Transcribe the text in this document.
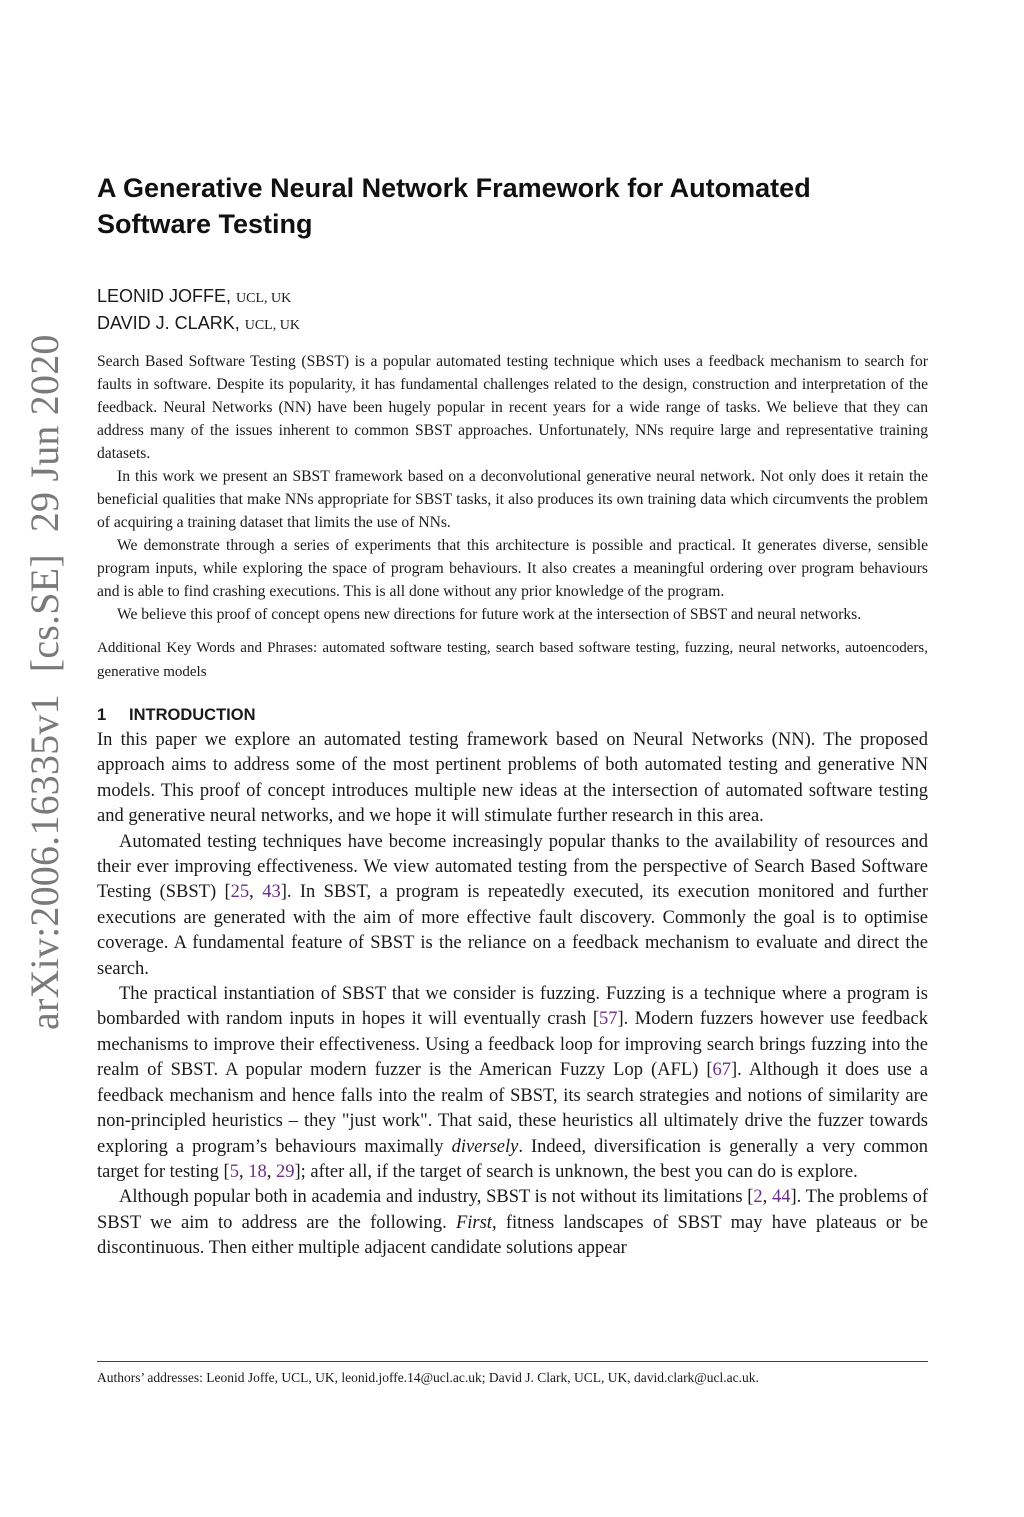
arXiv:2006.16335v1[cs.SE]29 Jun 2020
A Generative Neural Network Framework for Automated Software Testing
LEONID JOFFE, UCL, UK
DAVID J. CLARK, UCL, UK

Search Based Software Testing (SBST) is a popular automated testing technique which uses a feedback mechanism to search for faults in software. Despite its popularity, it has fundamental challenges related to the design, construction and interpretation of the feedback. Neural Networks (NN) have been hugely popular in recent years for a wide range of tasks. We believe that they can address many of the issues inherent to common SBST approaches. Unfortunately, NNs require large and representative training datasets.

In this work we present an SBST framework based on a deconvolutional generative neural network. Not only does it retain the beneficial qualities that make NNs appropriate for SBST tasks, it also produces its own training data which circumvents the problem of acquiring a training dataset that limits the use of NNs.

We demonstrate through a series of experiments that this architecture is possible and practical. It generates diverse, sensible program inputs, while exploring the space of program behaviours. It also creates a meaningful ordering over program behaviours and is able to find crashing executions. This is all done without any prior knowledge of the program.

We believe this proof of concept opens new directions for future work at the intersection of SBST and neural networks.

Additional Key Words and Phrases: automated software testing, search based software testing, fuzzing, neural networks, autoencoders, generative models
1 INTRODUCTION

In this paper we explore an automated testing framework based on Neural Networks (NN). The proposed approach aims to address some of the most pertinent problems of both automated testing and generative NN models. This proof of concept introduces multiple new ideas at the intersection of automated software testing and generative neural networks, and we hope it will stimulate further research in this area.

Automated testing techniques have become increasingly popular thanks to the availability of resources and their ever improving effectiveness. We view automated testing from the perspective of Search Based Software Testing (SBST) [25, 43]. In SBST, a program is repeatedly executed, its execution monitored and further executions are generated with the aim of more effective fault discovery. Commonly the goal is to optimise coverage. A fundamental feature of SBST is the reliance on a feedback mechanism to evaluate and direct the search.

The practical instantiation of SBST that we consider is fuzzing. Fuzzing is a technique where a program is bombarded with random inputs in hopes it will eventually crash [57]. Modern fuzzers however use feedback mechanisms to improve their effectiveness. Using a feedback loop for improving search brings fuzzing into the realm of SBST. A popular modern fuzzer is the American Fuzzy Lop (AFL) [67]. Although it does use a feedback mechanism and hence falls into the realm of SBST, its search strategies and notions of similarity are non-principled heuristics – they "just work". That said, these heuristics all ultimately drive the fuzzer towards exploring a program’s behaviours maximally diversely. Indeed, diversification is generally a very common target for testing [5, 18, 29]; after all, if the target of search is unknown, the best you can do is explore.

Although popular both in academia and industry, SBST is not without its limitations [2, 44]. The problems of SBST we aim to address are the following. First, fitness landscapes of SBST may have plateaus or be discontinuous. Then either multiple adjacent candidate solutions appear

Authors’ addresses: Leonid Joffe, UCL, UK, leonid.joffe.14@ucl.ac.uk; David J. Clark, UCL, UK, david.clark@ucl.ac.uk.
